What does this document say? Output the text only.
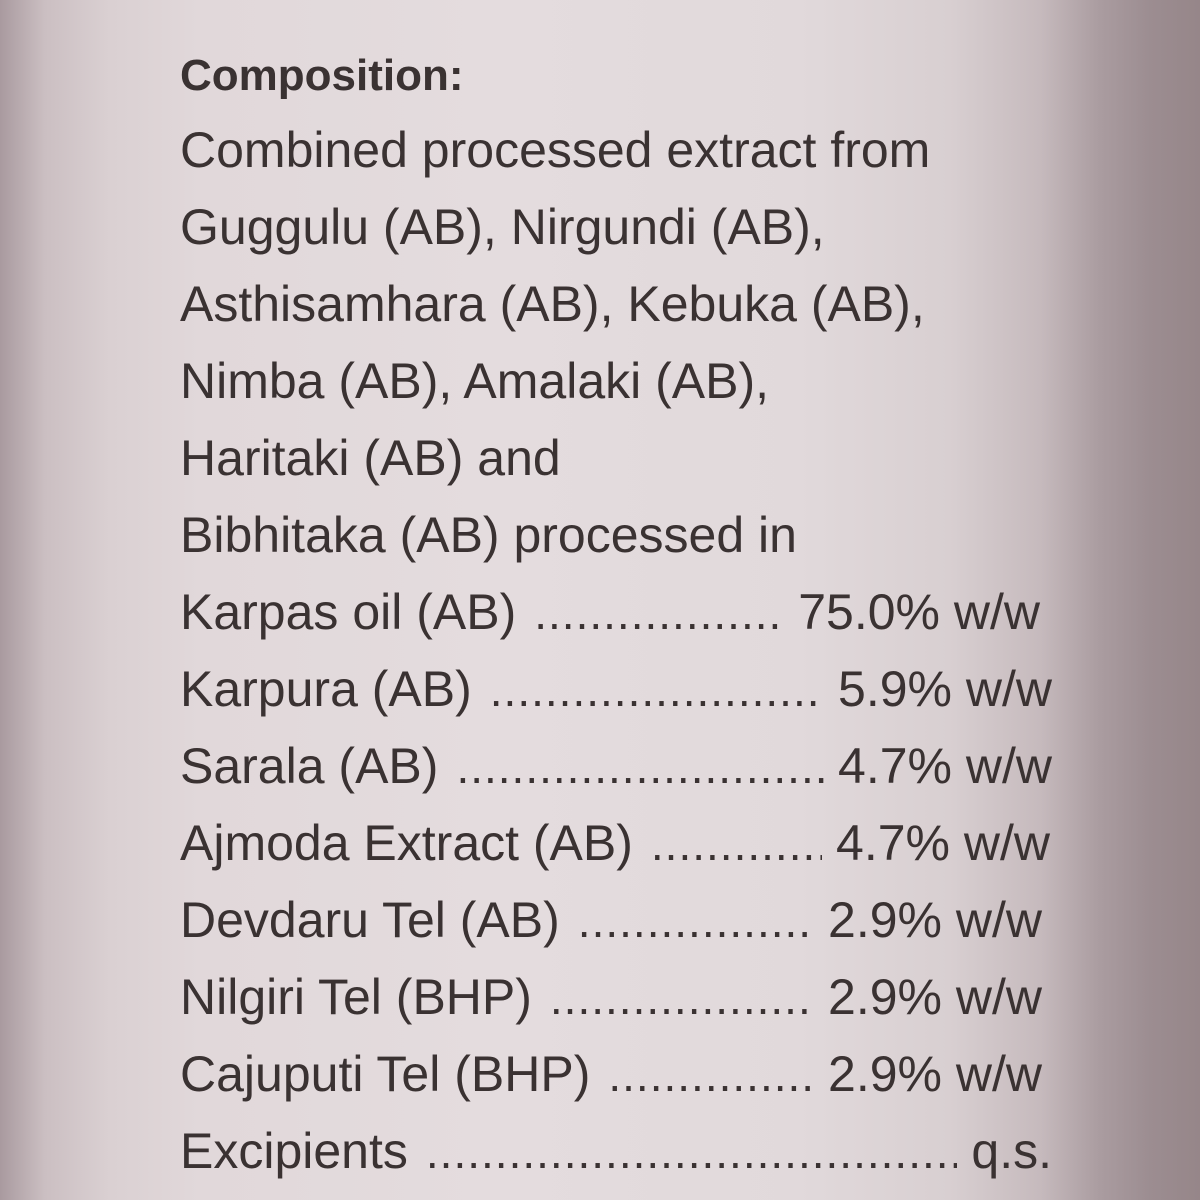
Composition:
Combined processed extract from
Guggulu (AB), Nirgundi (AB),
Asthisamhara (AB), Kebuka (AB),
Nimba (AB), Amalaki (AB),
Haritaki (AB) and
Bibhitaka (AB) processed in
Karpas oil (AB) .....	75.0% w/w
Karpura (AB) .....	5.9% w/w
Sarala (AB) .....	4.7% w/w
Ajmoda Extract (AB) .....	4.7% w/w
Devdaru Tel (AB) .....	2.9% w/w
Nilgiri Tel (BHP) .....	2.9% w/w
Cajuputi Tel (BHP) .....	2.9% w/w
Excipients .....	q.s.
